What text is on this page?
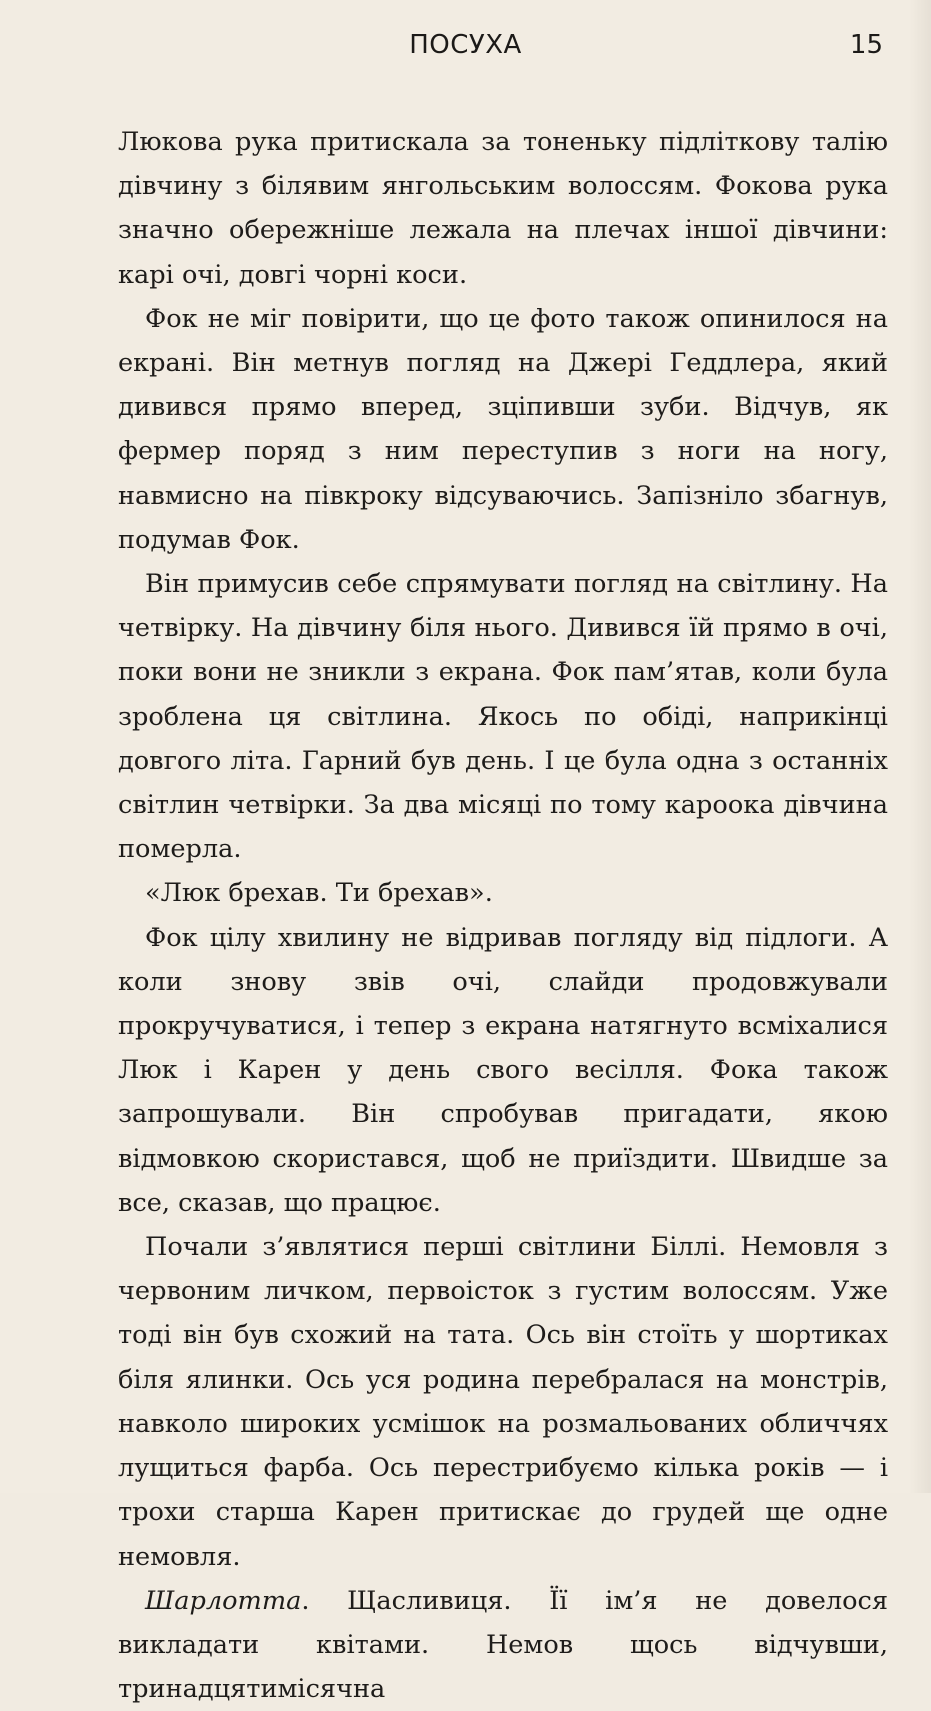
ПОСУХА	15

Люкова рука притискала за тоненьку підліткову талію дівчину з білявим янгольським волоссям. Фокова рука значно обережніше лежала на плечах іншої дівчини: карі очі, довгі чорні коси.

Фок не міг повірити, що це фото також опинилося на екрані. Він метнув погляд на Джері Геддлера, який дивився прямо вперед, зціпивши зуби. Відчув, як фермер поряд з ним переступив з ноги на ногу, навмисно на півкроку відсуваючись. Запізніло збагнув, подумав Фок.

Він примусив себе спрямувати погляд на світлину. На четвірку. На дівчину біля нього. Дивився їй прямо в очі, поки вони не зникли з екрана. Фок пам’ятав, коли була зроблена ця світлина. Якось по обіді, наприкінці довгого літа. Гарний був день. І це була одна з останніх світлин четвірки. За два місяці по тому кароока дівчина померла.

«Люк брехав. Ти брехав».

Фок цілу хвилину не відривав погляду від підлоги. А коли знову звів очі, слайди продовжували прокручуватися, і тепер з екрана натягнуто всміхалися Люк і Карен у день свого весілля. Фока також запрошували. Він спробував пригадати, якою відмовкою скористався, щоб не приїздити. Швидше за все, сказав, що працює.

Почали з’являтися перші світлини Біллі. Немовля з червоним личком, первоісток з густим волоссям. Уже тоді він був схожий на тата. Ось він стоїть у шортиках біля ялинки. Ось уся родина перебралася на монстрів, навколо широких усмішок на розмальованих обличчях лущиться фарба. Ось перестрибуємо кілька років — і трохи старша Карен притискає до грудей ще одне немовля.

Шарлотта. Щасливиця. Її ім’я не довелося викладати квітами. Немов щось відчувши, тринадцятимісячна
